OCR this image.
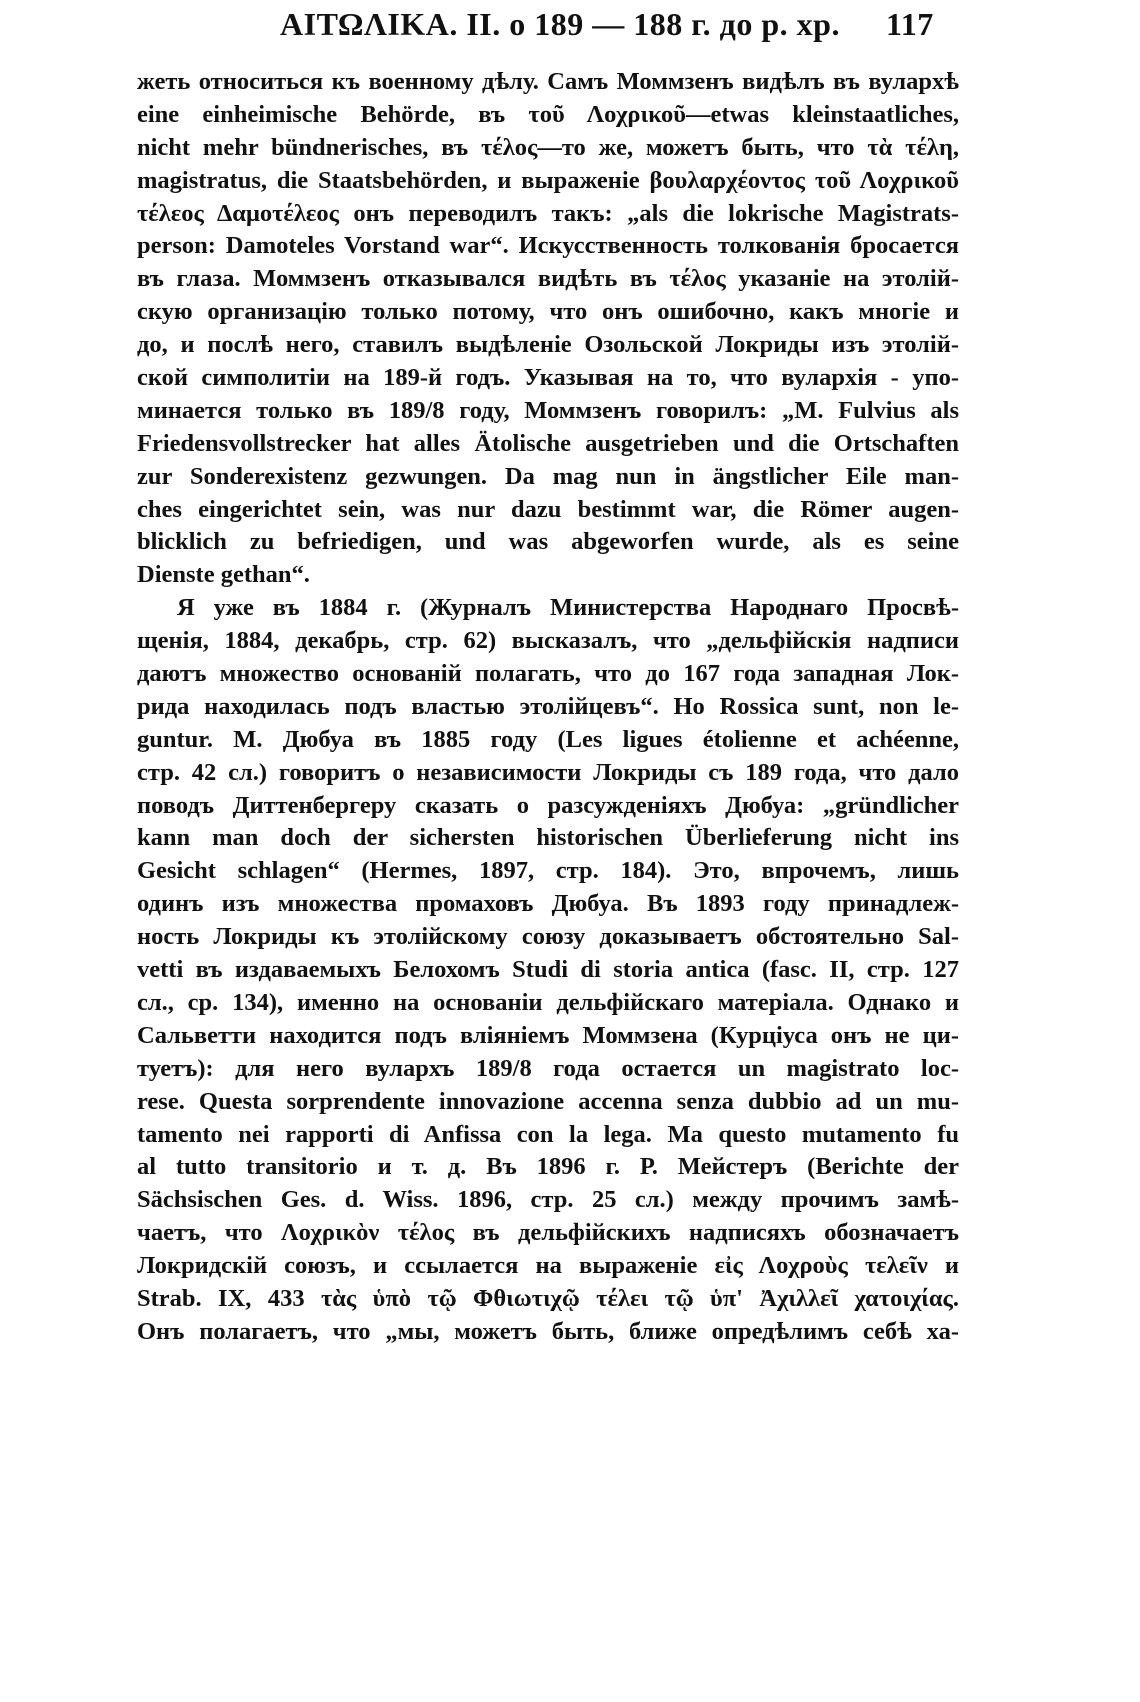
ΑΙΤΩΛΙΚΑ. II. о 189 — 188 г. до р. хр. 117
жеть относиться къ военному дѣлу. Самъ Моммзенъ видѣлъ въ вулархѣ
eine einheimische Behörde, въ τοῦ Λοχρικοῦ—etwas kleinstaatliches,
nicht mehr bündnerisches, въ τέλος—то же, можетъ быть, что τὰ τέλη,
magistratus, die Staatsbehörden, и выраженіе βουλαρχέοντος τοῦ Λοχρικοῦ
τέλεος Δαμοτέλεος онъ переводилъ такъ: „als die lokrische Magistrats-
person: Damoteles Vorstand war“. Искусственность толкованія бросается
въ глаза. Моммзенъ отказывался видѣть въ τέλος указаніе на этолій-
скую организацію только потому, что онъ ошибочно, какъ многіе и
до, и послѣ него, ставилъ выдѣленіе Озольской Локриды изъ этолій-
ской симполитіи на 189-й годъ. Указывая на то, что вулархія - упо-
минается только въ 189/8 году, Моммзенъ говорилъ: „M. Fulvius als
Friedensvollstrecker hat alles Ätolische ausgetrieben und die Ortschaften
zur Sonderexistenz gezwungen. Da mag nun in ängstlicher Eile man-
ches eingerichtet sein, was nur dazu bestimmt war, die Römer augen-
blicklich zu befriedigen, und was abgeworfen wurde, als es seine
Dienste gethan“.
Я уже въ 1884 г. (Журналъ Министерства Народнаго Просвѣ-
щенія, 1884, декабрь, стр. 62) высказалъ, что „дельфійскія надписи
даютъ множество основаній полагать, что до 167 года западная Лок-
рида находилась подъ властью этолійцевъ“. Но Rossica sunt, non le-
guntur. М. Дюбуа въ 1885 году (Les ligues étolienne et achéenne,
стр. 42 сл.) говоритъ о независимости Локриды съ 189 года, что дало
поводъ Диттенбергеру сказать о разсужденіяхъ Дюбуа: „gründlicher
kann man doch der sichersten historischen Überlieferung nicht ins
Gesicht schlagen“ (Hermes, 1897, стр. 184). Это, впрочемъ, лишь
одинъ изъ множества промаховъ Дюбуа. Въ 1893 году принадлеж-
ность Локриды къ этолійскому союзу доказываетъ обстоятельно Sal-
vetti въ издаваемыхъ Белохомъ Studi di storia antica (fasc. II, стр. 127
сл., ср. 134), именно на основаніи дельфійскаго матеріала. Однако и
Сальветти находится подъ вліяніемъ Моммзена (Курціуса онъ не ци-
туетъ): для него вулархъ 189/8 года остается un magistrato loc-
rese. Questa sorprendente innovazione accenna senza dubbio ad un mu-
tamento nei rapporti di Anfissa con la lega. Ma questo mutamento fu
al tutto transitorio и т. д. Въ 1896 г. Р. Мейстеръ (Berichte der
Sächsischen Ges. d. Wiss. 1896, стр. 25 сл.) между прочимъ замѣ-
чаетъ, что Λοχρικὸν τέλος въ дельфійскихъ надписяхъ обозначаетъ
Локридскій союзъ, и ссылается на выраженіе εἰς Λοχροὺς τελεῖν и
Strab. IX, 433 τὰς ὑπὸ τῷ Φθιωτιχῷ τέλει τῷ ὑπ' Ἀχιλλεῖ χατοιχίας.
Онъ полагаетъ, что „мы, можетъ быть, ближе опредѣлимъ себѣ ха-
